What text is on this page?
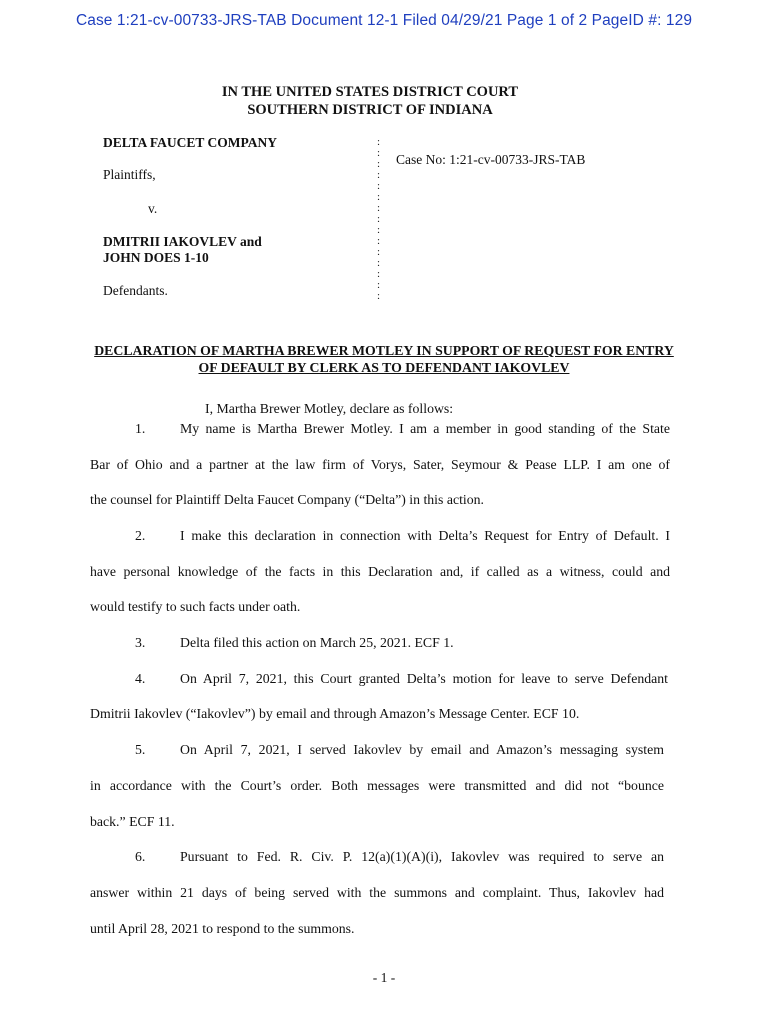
Case 1:21-cv-00733-JRS-TAB Document 12-1 Filed 04/29/21 Page 1 of 2 PageID #: 129
IN THE UNITED STATES DISTRICT COURT
SOUTHERN DISTRICT OF INDIANA
DELTA FAUCET COMPANY
Plaintiffs,
v.
DMITRII IAKOVLEV and
JOHN DOES 1-10
Defendants.
Case No: 1:21-cv-00733-JRS-TAB
:
:
:
:
:
:
:
:
:
:
:
:
:
:
:
DECLARATION OF MARTHA BREWER MOTLEY IN SUPPORT OF REQUEST FOR ENTRY
OF DEFAULT BY CLERK AS TO DEFENDANT IAKOVLEV
I, Martha Brewer Motley, declare as follows:
1.	My name is Martha Brewer Motley. I am a member in good standing of the State
Bar of Ohio and a partner at the law firm of Vorys, Sater, Seymour & Pease LLP. I am one of
the counsel for Plaintiff Delta Faucet Company (“Delta”) in this action.
2.	I make this declaration in connection with Delta’s Request for Entry of Default. I
have personal knowledge of the facts in this Declaration and, if called as a witness, could and
would testify to such facts under oath.
3.	Delta filed this action on March 25, 2021. ECF 1.
4.	On April 7, 2021, this Court granted Delta’s motion for leave to serve Defendant
Dmitrii Iakovlev (“Iakovlev”) by email and through Amazon’s Message Center. ECF 10.
5.	On April 7, 2021, I served Iakovlev by email and Amazon’s messaging system
in accordance with the Court’s order. Both messages were transmitted and did not “bounce
back.” ECF 11.
6.	Pursuant to Fed. R. Civ. P. 12(a)(1)(A)(i), Iakovlev was required to serve an
answer within 21 days of being served with the summons and complaint. Thus, Iakovlev had
until April 28, 2021 to respond to the summons.
- 1 -
